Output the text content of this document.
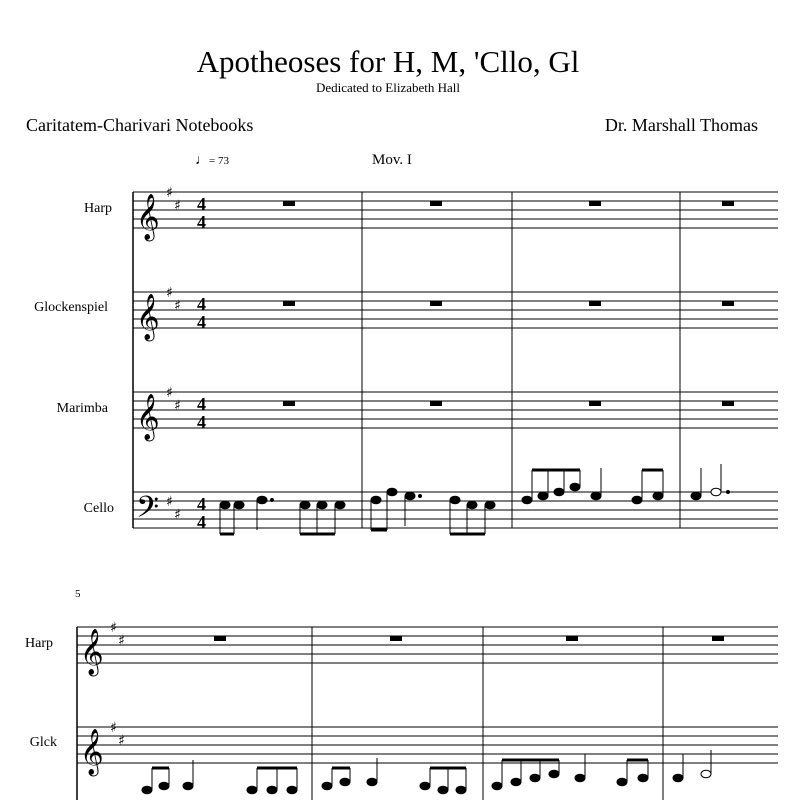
Apotheoses for H, M, 'Cllo, Gl
Dedicated to Elizabeth Hall
Caritatem-Charivari Notebooks	Dr. Marshall Thomas
♩= 73	Mov. I
Harp
Glockenspiel
Marimba
Cello
5
Harp
Glck
𝄞
𝄞
𝄞
𝄢
𝄞
𝄞
♯
♯
♯
♯
♯
♯
♯
♯
♯
♯
♯
♯
4
4
4
4
4
4
4
4
